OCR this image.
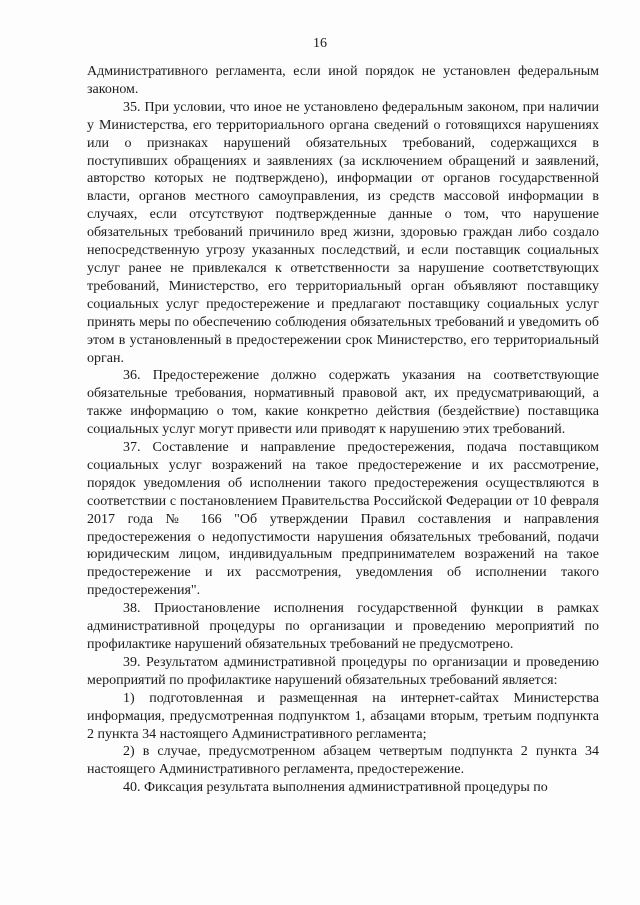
16

Административного регламента, если иной порядок не установлен федеральным законом.

35. При условии, что иное не установлено федеральным законом, при наличии у Министерства, его территориального органа сведений о готовящихся нарушениях или о признаках нарушений обязательных требований, содержащихся в поступивших обращениях и заявлениях (за исключением обращений и заявлений, авторство которых не подтверждено), информации от органов государственной власти, органов местного самоуправления, из средств массовой информации в случаях, если отсутствуют подтвержденные данные о том, что нарушение обязательных требований причинило вред жизни, здоровью граждан либо создало непосредственную угрозу указанных последствий, и если поставщик социальных услуг ранее не привлекался к ответственности за нарушение соответствующих требований, Министерство, его территориальный орган объявляют поставщику социальных услуг предостережение и предлагают поставщику социальных услуг принять меры по обеспечению соблюдения обязательных требований и уведомить об этом в установленный в предостережении срок Министерство, его территориальный орган.

36. Предостережение должно содержать указания на соответствующие обязательные требования, нормативный правовой акт, их предусматривающий, а также информацию о том, какие конкретно действия (бездействие) поставщика социальных услуг могут привести или приводят к нарушению этих требований.

37. Составление и направление предостережения, подача поставщиком социальных услуг возражений на такое предостережение и их рассмотрение, порядок уведомления об исполнении такого предостережения осуществляются в соответствии с постановлением Правительства Российской Федерации от 10 февраля 2017 года № 166 "Об утверждении Правил составления и направления предостережения о недопустимости нарушения обязательных требований, подачи юридическим лицом, индивидуальным предпринимателем возражений на такое предостережение и их рассмотрения, уведомления об исполнении такого предостережения".

38. Приостановление исполнения государственной функции в рамках административной процедуры по организации и проведению мероприятий по профилактике нарушений обязательных требований не предусмотрено.

39. Результатом административной процедуры по организации и проведению мероприятий по профилактике нарушений обязательных требований является:

1) подготовленная и размещенная на интернет-сайтах Министерства информация, предусмотренная подпунктом 1, абзацами вторым, третьим подпункта 2 пункта 34 настоящего Административного регламента;

2) в случае, предусмотренном абзацем четвертым подпункта 2 пункта 34 настоящего Административного регламента, предостережение.

40. Фиксация результата выполнения административной процедуры по
